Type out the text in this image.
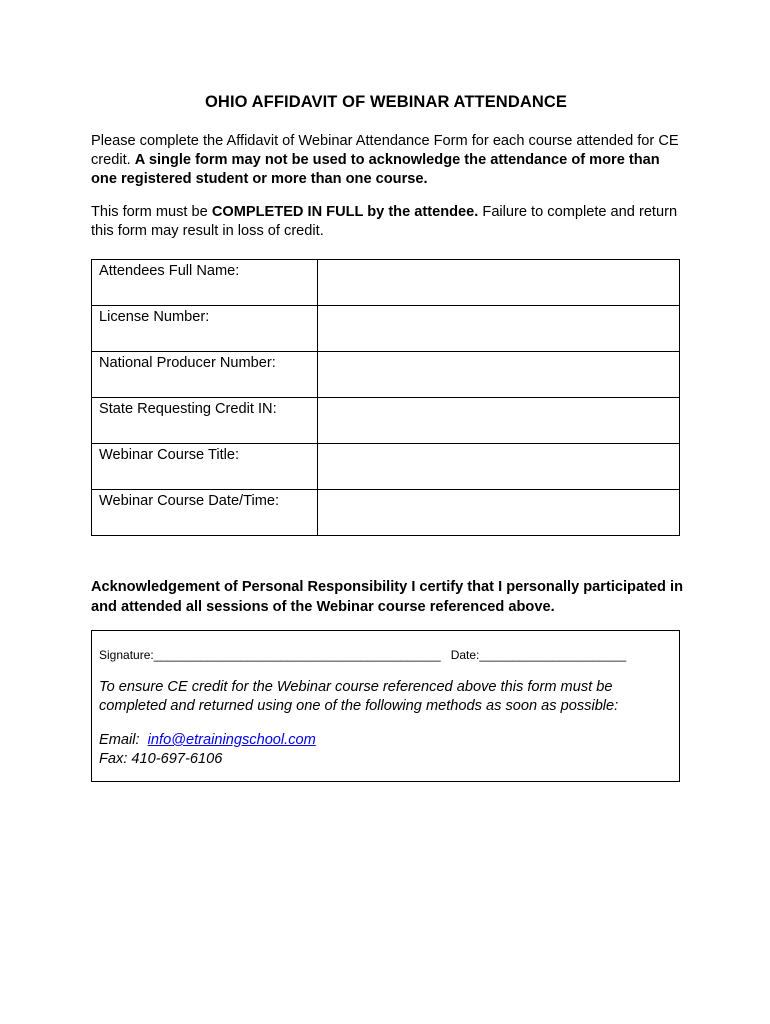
OHIO AFFIDAVIT OF WEBINAR ATTENDANCE
Please complete the Affidavit of Webinar Attendance Form for each course attended for CE credit. A single form may not be used to acknowledge the attendance of more than one registered student or more than one course.
This form must be COMPLETED IN FULL by the attendee. Failure to complete and return this form may result in loss of credit.
Attendees Full Name:	
License Number:	
National Producer Number:	
State Requesting Credit IN:	
Webinar Course Title:	
Webinar Course Date/Time:	
Acknowledgement of Personal Responsibility I certify that I personally participated in and attended all sessions of the Webinar course referenced above.
Signature:___________________________________________ Date:______________________
To ensure CE credit for the Webinar course referenced above this form must be completed and returned using one of the following methods as soon as possible:
Email: info@etrainingschool.com
Fax: 410-697-6106
